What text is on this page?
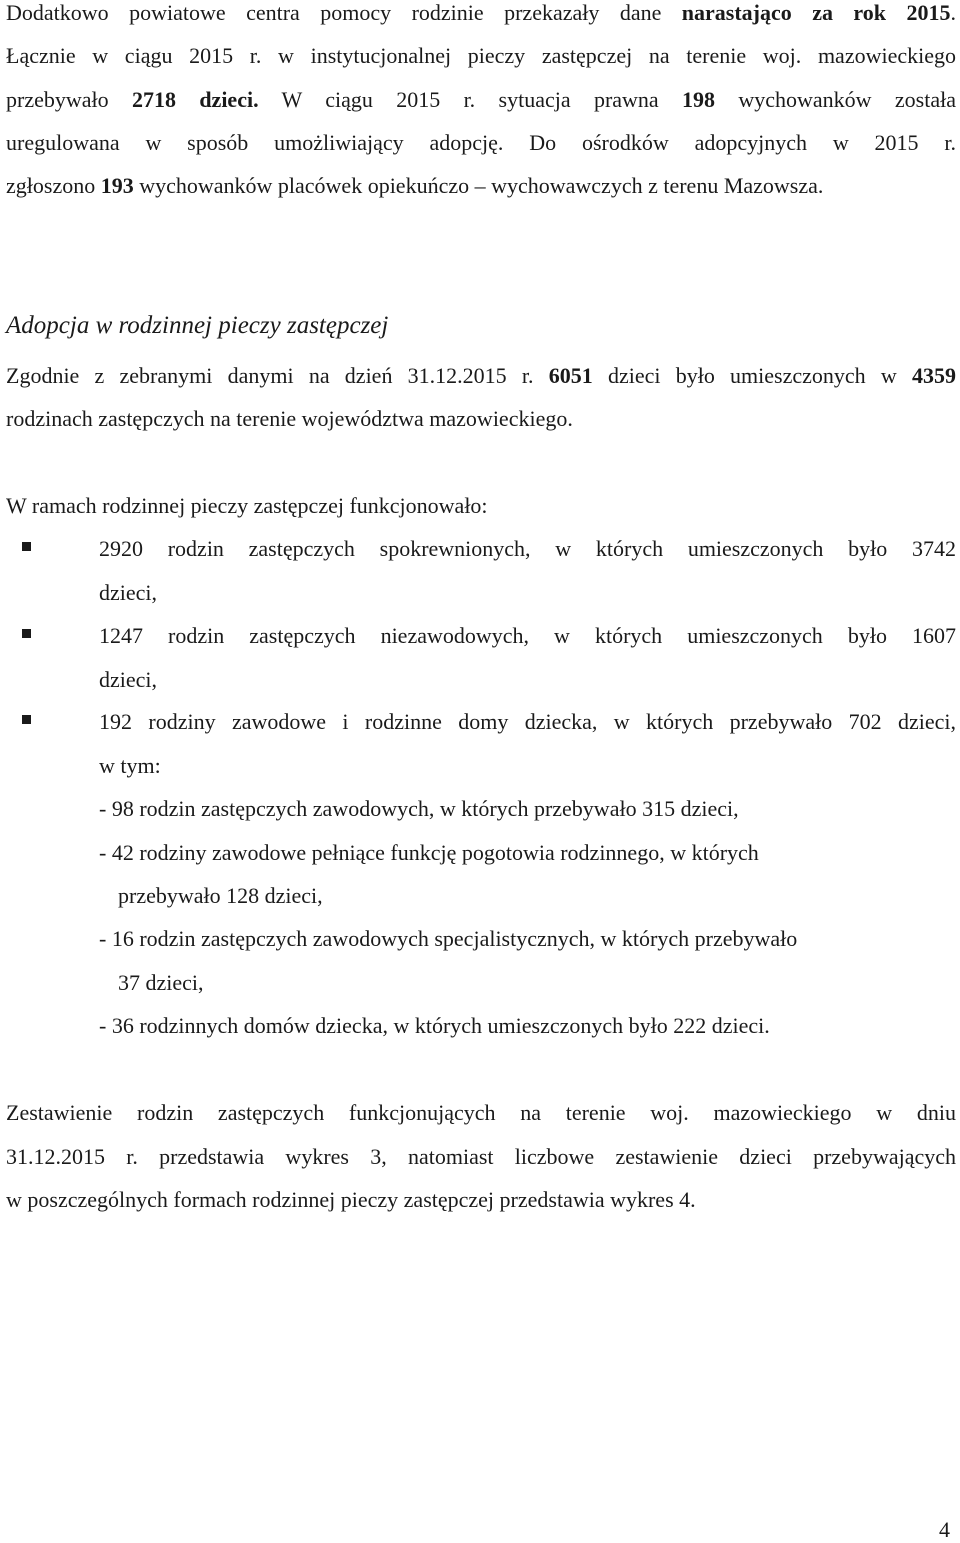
Dodatkowo powiatowe centra pomocy rodzinie przekazały dane narastająco za rok 2015.
Łącznie w ciągu 2015 r. w instytucjonalnej pieczy zastępczej na terenie woj. mazowieckiego
przebywało 2718 dzieci. W ciągu 2015 r. sytuacja prawna 198 wychowanków została
uregulowana w sposób umożliwiający adopcję. Do ośrodków adopcyjnych w 2015 r.
zgłoszono 193 wychowanków placówek opiekuńczo – wychowawczych z terenu Mazowsza.
Adopcja w rodzinnej pieczy zastępczej
Zgodnie z zebranymi danymi na dzień 31.12.2015 r. 6051 dzieci było umieszczonych w 4359
rodzinach zastępczych na terenie województwa mazowieckiego.
W ramach rodzinnej pieczy zastępczej funkcjonowało:
2920 rodzin zastępczych spokrewnionych, w których umieszczonych było 3742
dzieci,
1247 rodzin zastępczych niezawodowych, w których umieszczonych było 1607
dzieci,
192 rodziny zawodowe i rodzinne domy dziecka, w których przebywało 702 dzieci,
w tym:
- 98 rodzin zastępczych zawodowych, w których przebywało 315 dzieci,
- 42 rodziny zawodowe pełniące funkcję pogotowia rodzinnego, w których
przebywało 128 dzieci,
- 16 rodzin zastępczych zawodowych specjalistycznych, w których przebywało
37 dzieci,
- 36 rodzinnych domów dziecka, w których umieszczonych było 222 dzieci.
Zestawienie rodzin zastępczych funkcjonujących na terenie woj. mazowieckiego w dniu
31.12.2015 r. przedstawia wykres 3, natomiast liczbowe zestawienie dzieci przebywających
w poszczególnych formach rodzinnej pieczy zastępczej przedstawia wykres 4.
4
